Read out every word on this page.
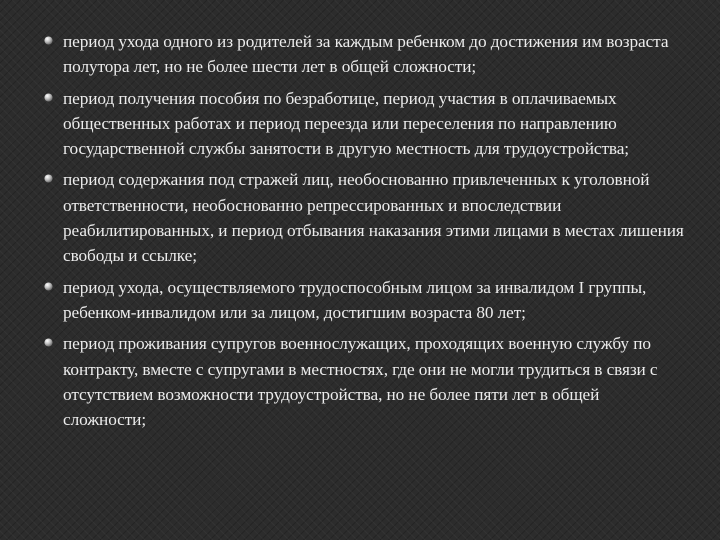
период ухода одного из родителей за каждым ребенком до достижения им возраста полутора лет, но не более шести лет в общей сложности;
период получения пособия по безработице, период участия в оплачиваемых общественных работах и период переезда или переселения по направлению государственной службы занятости в другую местность для трудоустройства;
период содержания под стражей лиц, необоснованно привлеченных к уголовной ответственности, необоснованно репрессированных и впоследствии реабилитированных, и период отбывания наказания этими лицами в местах лишения свободы и ссылке;
период ухода, осуществляемого трудоспособным лицом за инвалидом I группы, ребенком-инвалидом или за лицом, достигшим возраста 80 лет;
период проживания супругов военнослужащих, проходящих военную службу по контракту, вместе с супругами в местностях, где они не могли трудиться в связи с отсутствием возможности трудоустройства, но не более пяти лет в общей сложности;
